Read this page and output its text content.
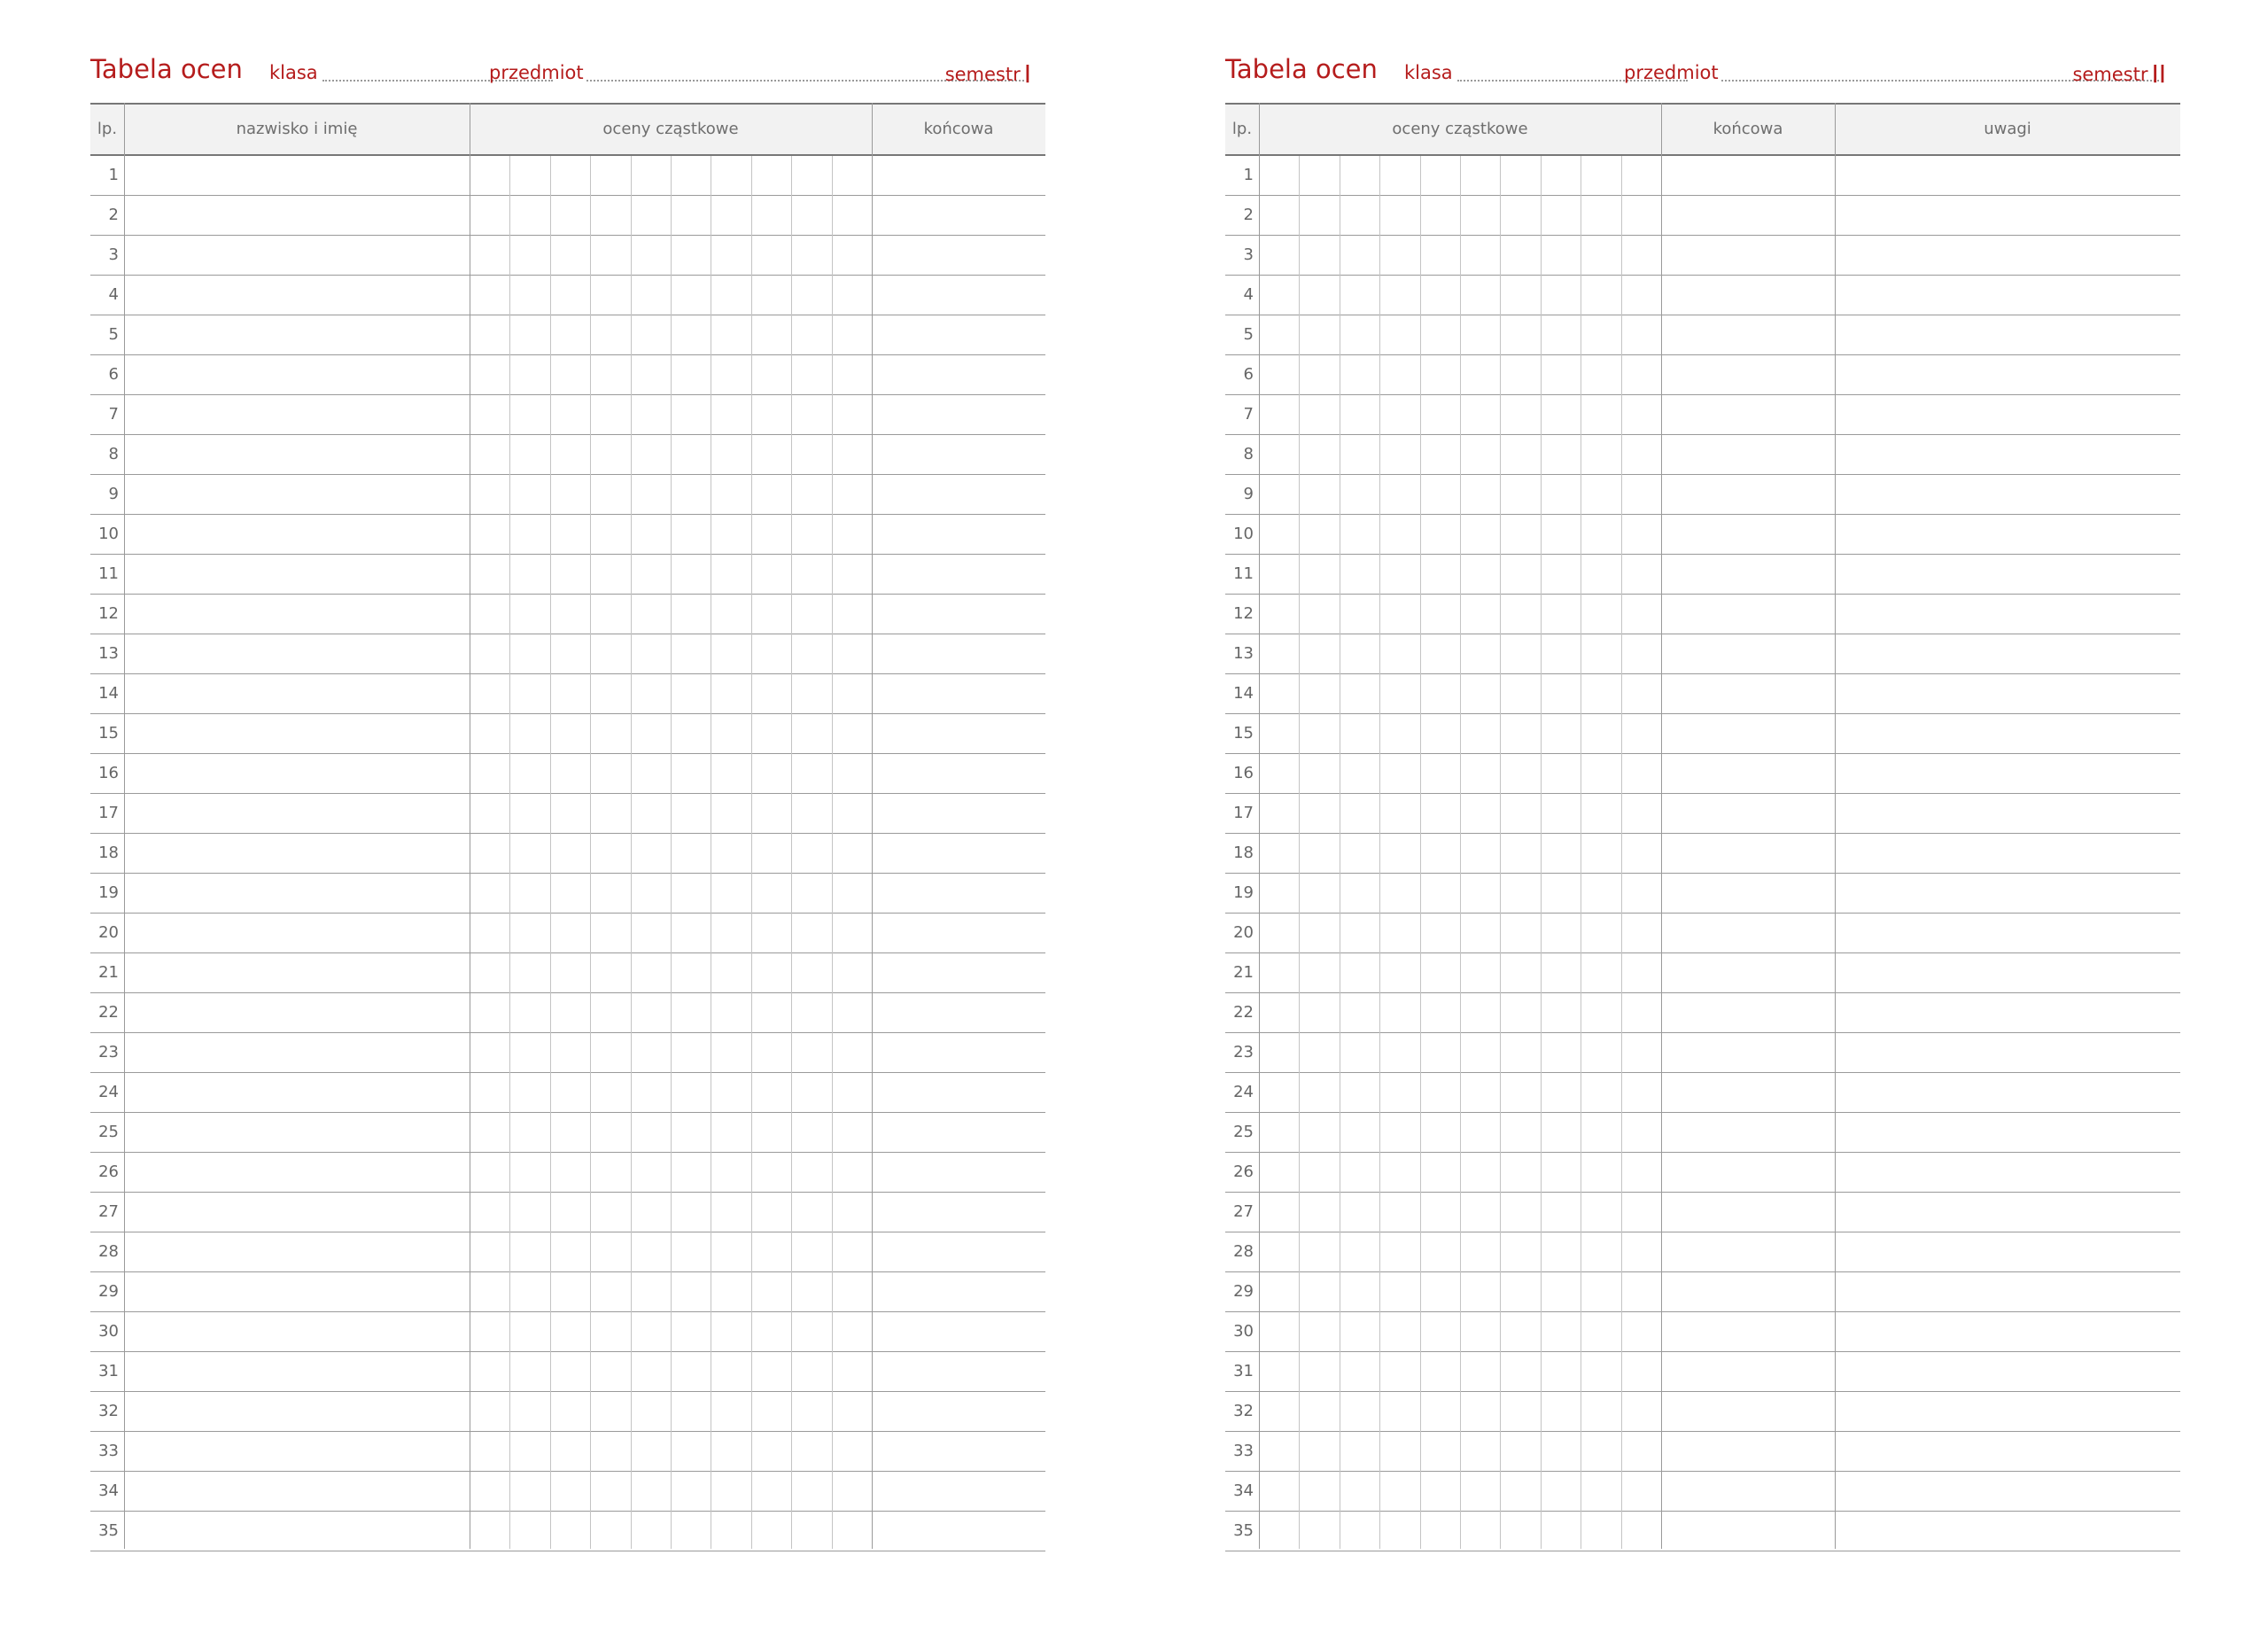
Tabela ocen klasa	przedmiot	semestr I
lp.	nazwisko i imię	oceny cząstkowe	końcowa
1
2
3
4
5
6
7
8
9
10
11
12
13
14
15
16
17
18
19
20
21
22
23
24
25
26
27
28
29
30
31
32
33
34
35
Tabela ocen klasa	przedmiot	semestr II
lp.	oceny cząstkowe	końcowa	uwagi
1
2
3
4
5
6
7
8
9
10
11
12
13
14
15
16
17
18
19
20
21
22
23
24
25
26
27
28
29
30
31
32
33
34
35
